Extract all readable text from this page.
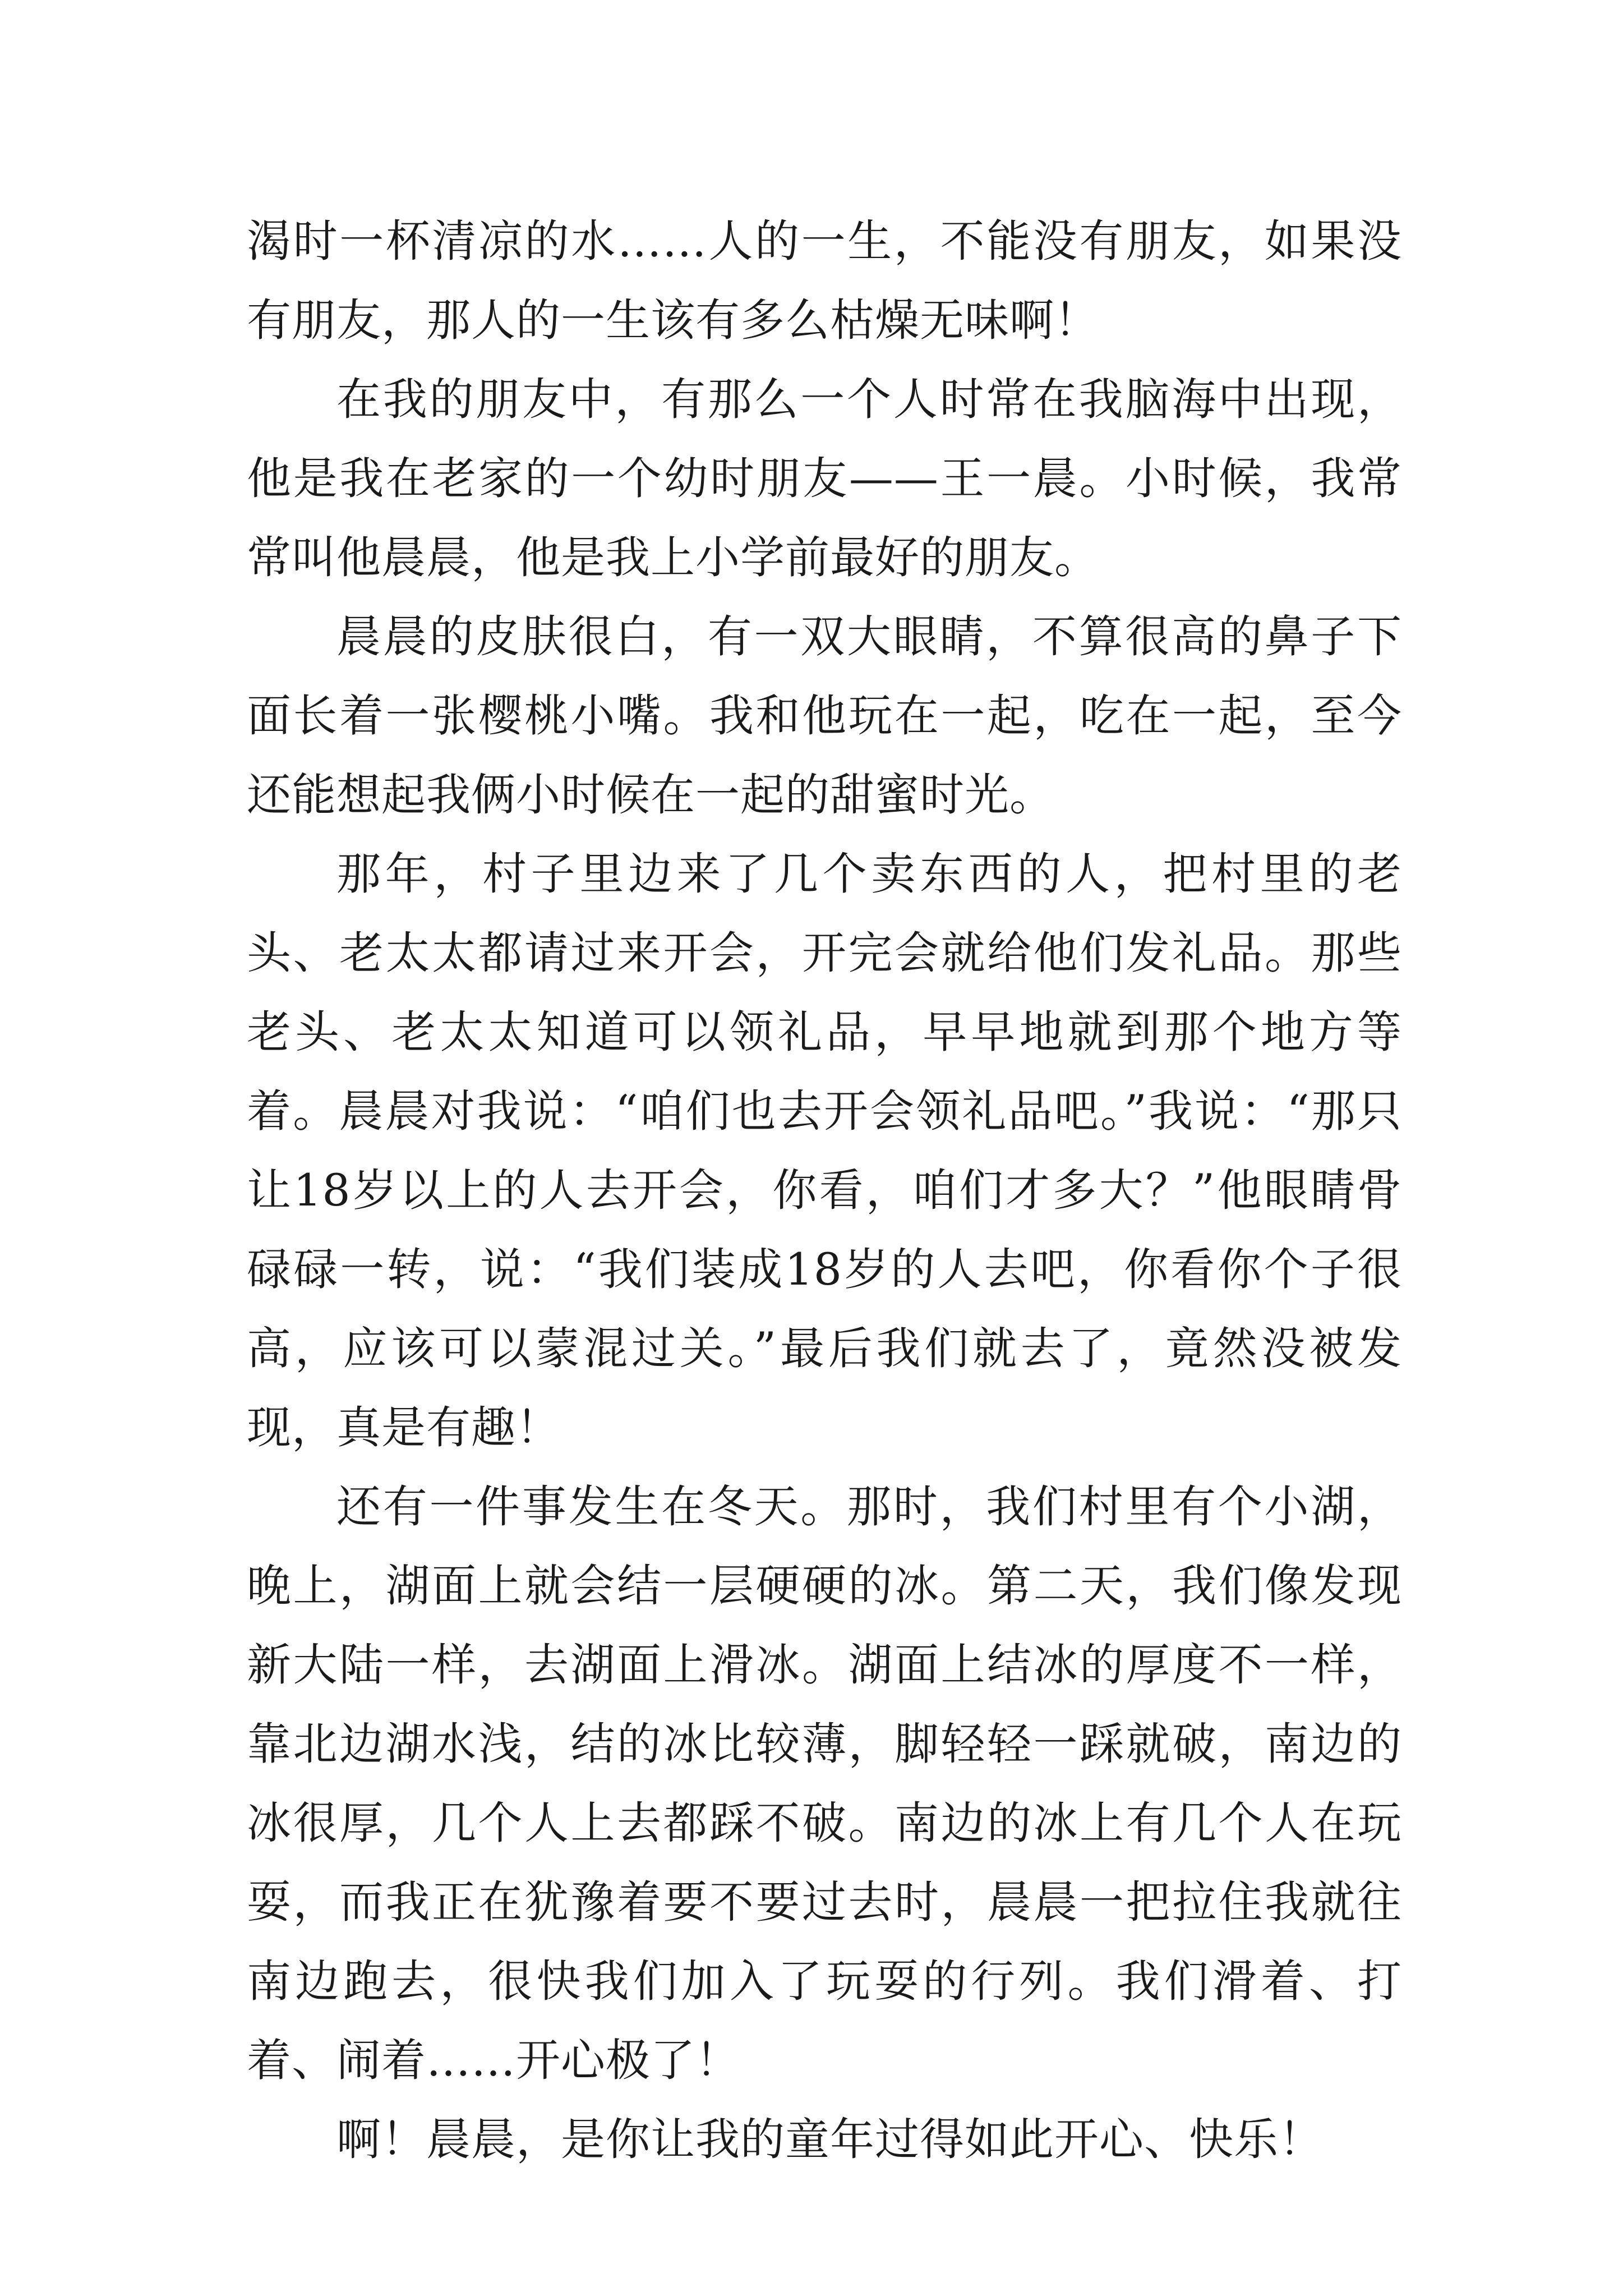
渴时一杯清凉的水……人的一生，不能没有朋友，如果没有朋友，那人的一生该有多么枯燥无味啊！

在我的朋友中，有那么一个人时常在我脑海中出现，他是我在老家的一个幼时朋友——王一晨。小时候，我常常叫他晨晨，他是我上小学前最好的朋友。

晨晨的皮肤很白，有一双大眼睛，不算很高的鼻子下面长着一张樱桃小嘴。我和他玩在一起，吃在一起，至今还能想起我俩小时候在一起的甜蜜时光。

那年，村子里边来了几个卖东西的人，把村里的老头、老太太都请过来开会，开完会就给他们发礼品。那些老头、老太太知道可以领礼品，早早地就到那个地方等着。晨晨对我说：“咱们也去开会领礼品吧。”我说：“那只让18岁以上的人去开会，你看，咱们才多大？”他眼睛骨碌碌一转，说：“我们装成18岁的人去吧，你看你个子很高，应该可以蒙混过关。”最后我们就去了，竟然没被发现，真是有趣！

还有一件事发生在冬天。那时，我们村里有个小湖，晚上，湖面上就会结一层硬硬的冰。第二天，我们像发现新大陆一样，去湖面上滑冰。湖面上结冰的厚度不一样，靠北边湖水浅，结的冰比较薄，脚轻轻一踩就破，南边的冰很厚，几个人上去都踩不破。南边的冰上有几个人在玩耍，而我正在犹豫着要不要过去时，晨晨一把拉住我就往南边跑去，很快我们加入了玩耍的行列。我们滑着、打着、闹着……开心极了！

啊！晨晨，是你让我的童年过得如此开心、快乐！
